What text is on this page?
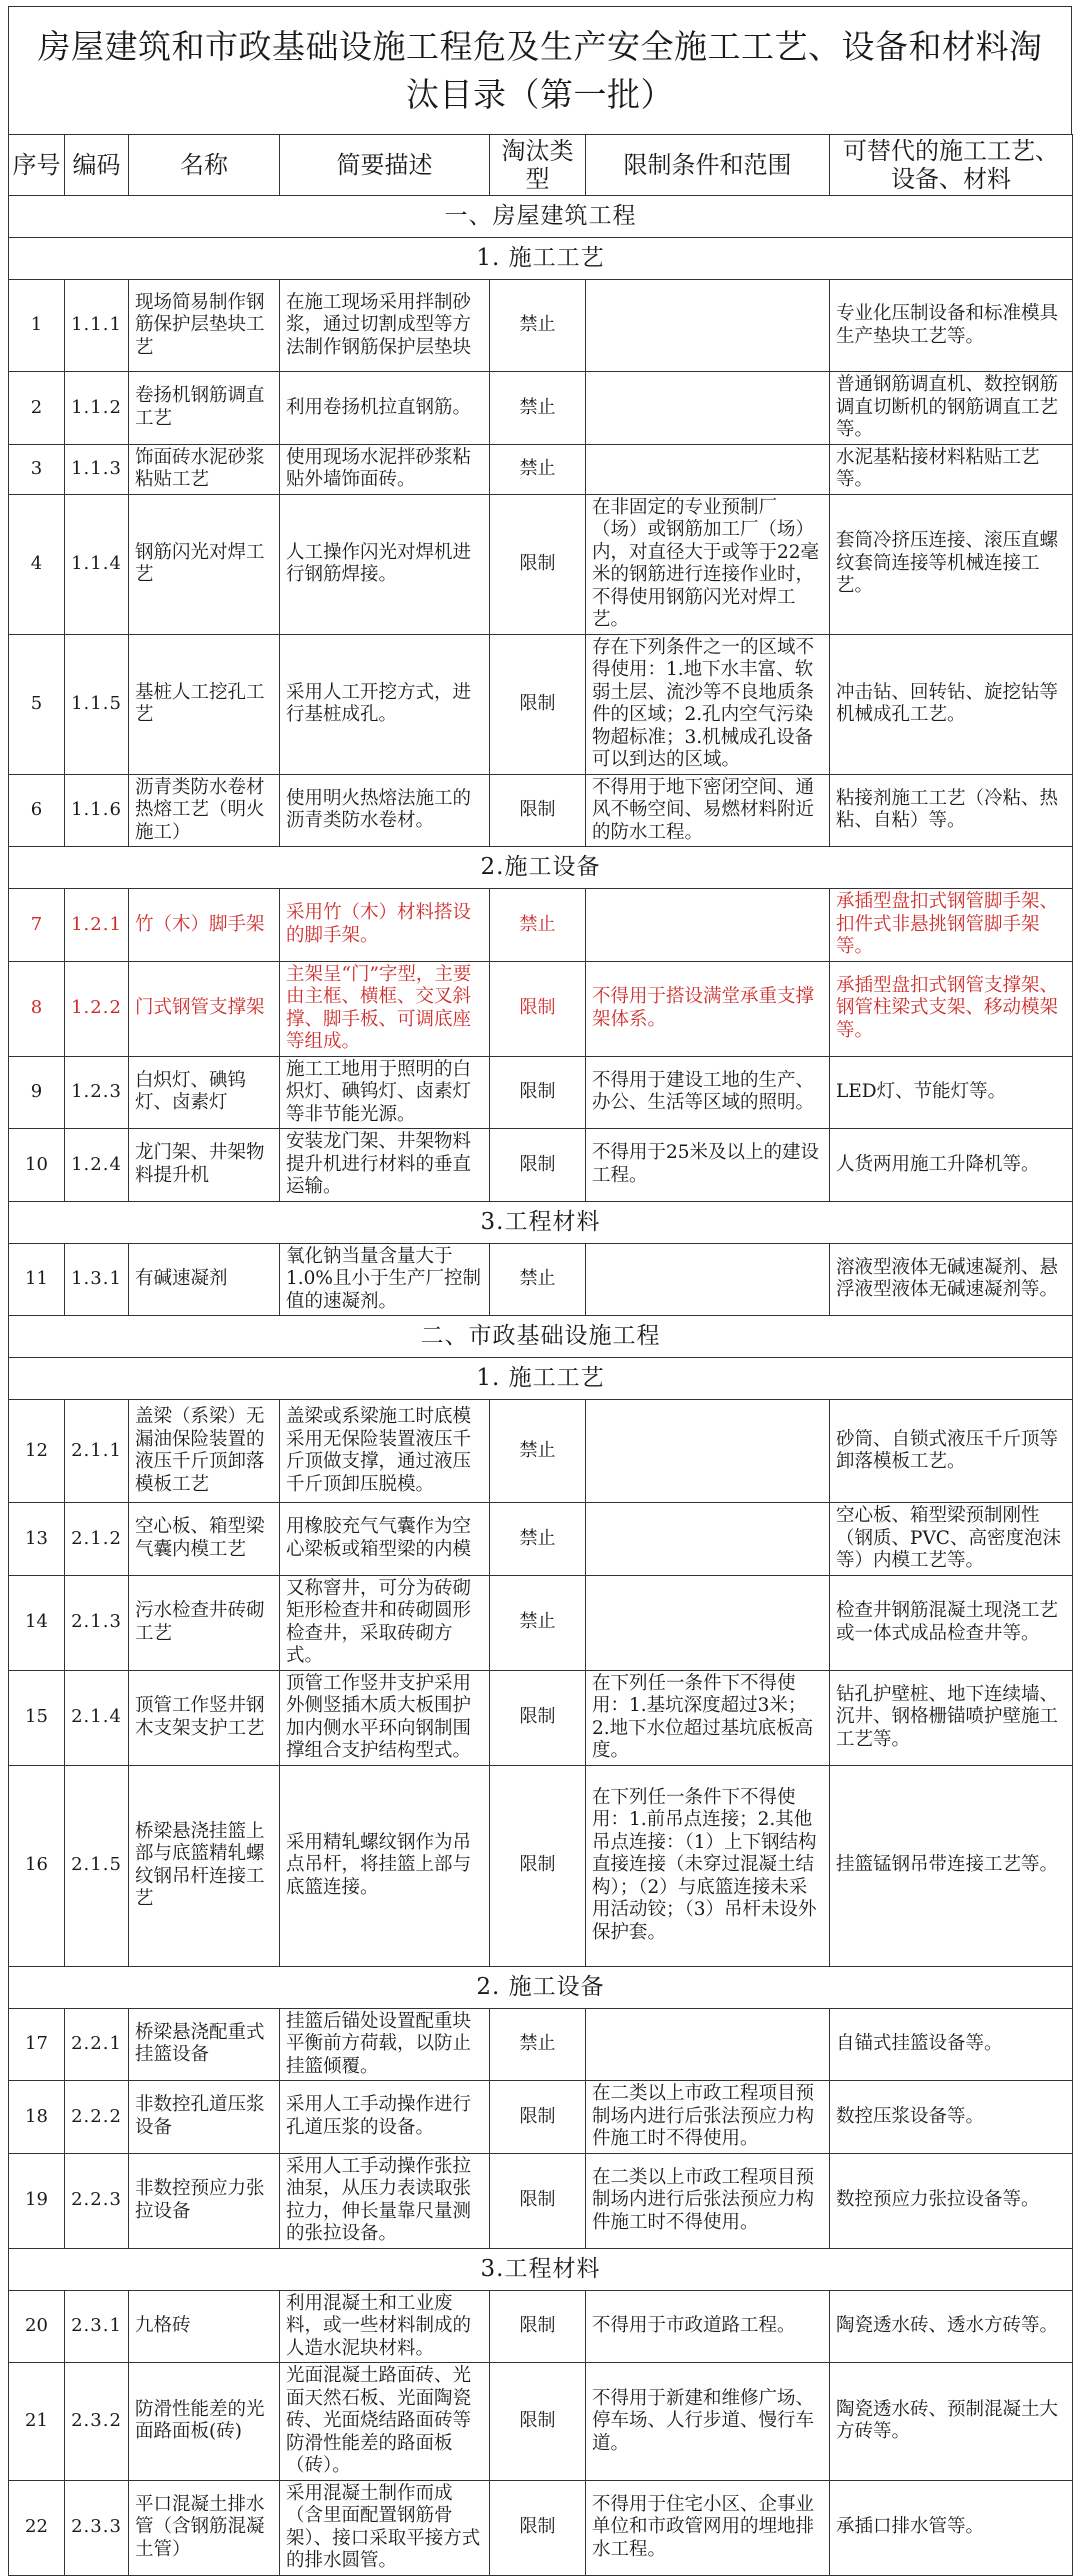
房屋建筑和市政基础设施工程危及生产安全施工工艺、设备和材料淘汰目录（第一批）
序号	编码	名称	简要描述	淘汰类型	限制条件和范围	可替代的施工工艺、设备、材料
一、房屋建筑工程						
1. 施工工艺						
1	1.1.1	现场简易制作钢筋保护层垫块工艺	在施工现场采用拌制砂浆，通过切割成型等方法制作钢筋保护层垫块	禁止		专业化压制设备和标准模具生产垫块工艺等。
2	1.1.2	卷扬机钢筋调直工艺	利用卷扬机拉直钢筋。	禁止		普通钢筋调直机、数控钢筋调直切断机的钢筋调直工艺等。
3	1.1.3	饰面砖水泥砂浆粘贴工艺	使用现场水泥拌砂浆粘贴外墙饰面砖。	禁止		水泥基粘接材料粘贴工艺等。
4	1.1.4	钢筋闪光对焊工艺	人工操作闪光对焊机进行钢筋焊接。	限制	在非固定的专业预制厂（场）或钢筋加工厂（场）内，对直径大于或等于22毫米的钢筋进行连接作业时，不得使用钢筋闪光对焊工艺。	套筒冷挤压连接、滚压直螺纹套筒连接等机械连接工艺。
5	1.1.5	基桩人工挖孔工艺	采用人工开挖方式，进行基桩成孔。	限制	存在下列条件之一的区域不得使用：1.地下水丰富、软弱土层、流沙等不良地质条件的区域；2.孔内空气污染物超标准；3.机械成孔设备可以到达的区域。	冲击钻、回转钻、旋挖钻等机械成孔工艺。
6	1.1.6	沥青类防水卷材热熔工艺（明火施工）	使用明火热熔法施工的沥青类防水卷材。	限制	不得用于地下密闭空间、通风不畅空间、易燃材料附近的防水工程。	粘接剂施工工艺（冷粘、热粘、自粘）等。
2.施工设备						
7	1.2.1	竹（木）脚手架	采用竹（木）材料搭设的脚手架。	禁止		承插型盘扣式钢管脚手架、扣件式非悬挑钢管脚手架等。
8	1.2.2	门式钢管支撑架	主架呈“门”字型，主要由主框、横框、交叉斜撑、脚手板、可调底座等组成。	限制	不得用于搭设满堂承重支撑架体系。	承插型盘扣式钢管支撑架、钢管柱梁式支架、移动模架等。
9	1.2.3	白炽灯、碘钨灯、卤素灯	施工工地用于照明的白炽灯、碘钨灯、卤素灯等非节能光源。	限制	不得用于建设工地的生产、办公、生活等区域的照明。	LED灯、节能灯等。
10	1.2.4	龙门架、井架物料提升机	安装龙门架、井架物料提升机进行材料的垂直运输。	限制	不得用于25米及以上的建设工程。	人货两用施工升降机等。
3.工程材料						
11	1.3.1	有碱速凝剂	氧化钠当量含量大于1.0%且小于生产厂控制值的速凝剂。	禁止		溶液型液体无碱速凝剂、悬浮液型液体无碱速凝剂等。
二、市政基础设施工程						
1. 施工工艺						
12	2.1.1	盖梁（系梁）无漏油保险装置的液压千斤顶卸落模板工艺	盖梁或系梁施工时底模采用无保险装置液压千斤顶做支撑，通过液压千斤顶卸压脱模。	禁止		砂筒、自锁式液压千斤顶等卸落模板工艺。
13	2.1.2	空心板、箱型梁气囊内模工艺	用橡胶充气气囊作为空心梁板或箱型梁的内模	禁止		空心板、箱型梁预制刚性（钢质、PVC、高密度泡沫等）内模工艺等。
14	2.1.3	污水检查井砖砌工艺	又称窨井，可分为砖砌矩形检查井和砖砌圆形检查井，采取砖砌方式。	禁止		检查井钢筋混凝土现浇工艺或一体式成品检查井等。
15	2.1.4	顶管工作竖井钢木支架支护工艺	顶管工作竖井支护采用外侧竖插木质大板围护加内侧水平环向钢制围撑组合支护结构型式。	限制	在下列任一条件下不得使用：1.基坑深度超过3米；2.地下水位超过基坑底板高度。	钻孔护壁桩、地下连续墙、沉井、钢格栅锚喷护壁施工工艺等。
16	2.1.5	桥梁悬浇挂篮上部与底篮精轧螺纹钢吊杆连接工艺	采用精轧螺纹钢作为吊点吊杆，将挂篮上部与底篮连接。	限制	在下列任一条件下不得使用：1.前吊点连接；2.其他吊点连接：（1）上下钢结构直接连接（未穿过混凝土结构）；（2）与底篮连接未采用活动铰；（3）吊杆未设外保护套。	挂篮锰钢吊带连接工艺等。
2. 施工设备						
17	2.2.1	桥梁悬浇配重式挂篮设备	挂篮后锚处设置配重块平衡前方荷载，以防止挂篮倾覆。	禁止		自锚式挂篮设备等。
18	2.2.2	非数控孔道压浆设备	采用人工手动操作进行孔道压浆的设备。	限制	在二类以上市政工程项目预制场内进行后张法预应力构件施工时不得使用。	数控压浆设备等。
19	2.2.3	非数控预应力张拉设备	采用人工手动操作张拉油泵，从压力表读取张拉力，伸长量靠尺量测的张拉设备。	限制	在二类以上市政工程项目预制场内进行后张法预应力构件施工时不得使用。	数控预应力张拉设备等。
3.工程材料						
20	2.3.1	九格砖	利用混凝土和工业废料，或一些材料制成的人造水泥块材料。	限制	不得用于市政道路工程。	陶瓷透水砖、透水方砖等。
21	2.3.2	防滑性能差的光面路面板(砖)	光面混凝土路面砖、光面天然石板、光面陶瓷砖、光面烧结路面砖等防滑性能差的路面板（砖）。	限制	不得用于新建和维修广场、停车场、人行步道、慢行车道。	陶瓷透水砖、预制混凝土大方砖等。
22	2.3.3	平口混凝土排水管（含钢筋混凝土管）	采用混凝土制作而成（含里面配置钢筋骨架）、接口采取平接方式的排水圆管。	限制	不得用于住宅小区、企事业单位和市政管网用的埋地排水工程。	承插口排水管等。
